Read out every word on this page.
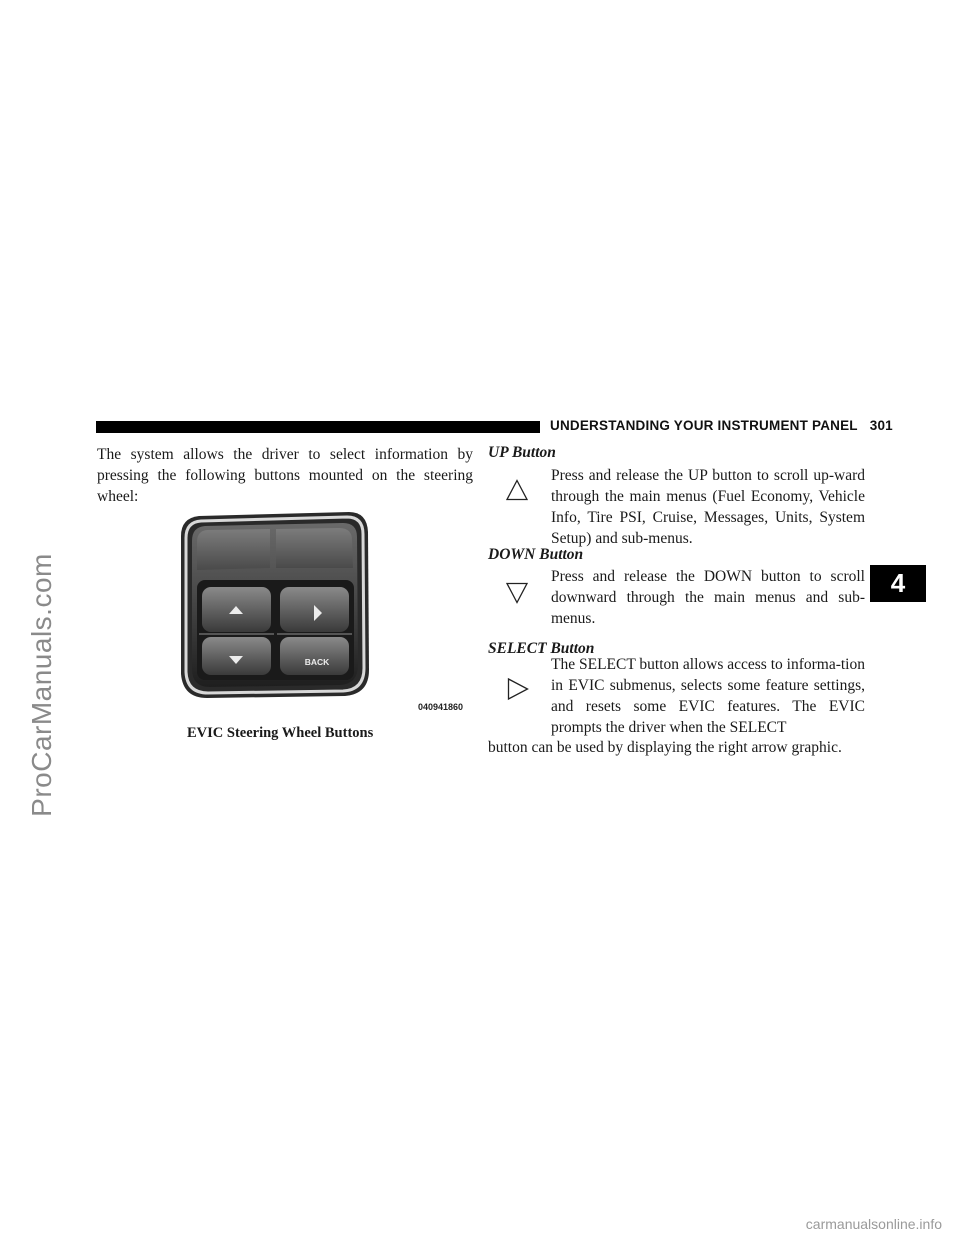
ProCarManuals.com
UNDERSTANDING YOUR INSTRUMENT PANEL 301
4

The system allows the driver to select information by pressing the following buttons mounted on the steering wheel:

BACK
040941860
EVIC Steering Wheel Buttons
UP Button

Press and release the UP button to scroll up-ward through the main menus (Fuel Economy, Vehicle Info, Tire PSI, Cruise, Messages, Units, System Setup) and sub-menus.

DOWN Button

Press and release the DOWN button to scroll downward through the main menus and sub-menus.

SELECT Button

The SELECT button allows access to informa-tion in EVIC submenus, selects some feature settings, and resets some EVIC features. The EVIC prompts the driver when the SELECT

button can be used by displaying the right arrow graphic.

carmanualsonline.info
